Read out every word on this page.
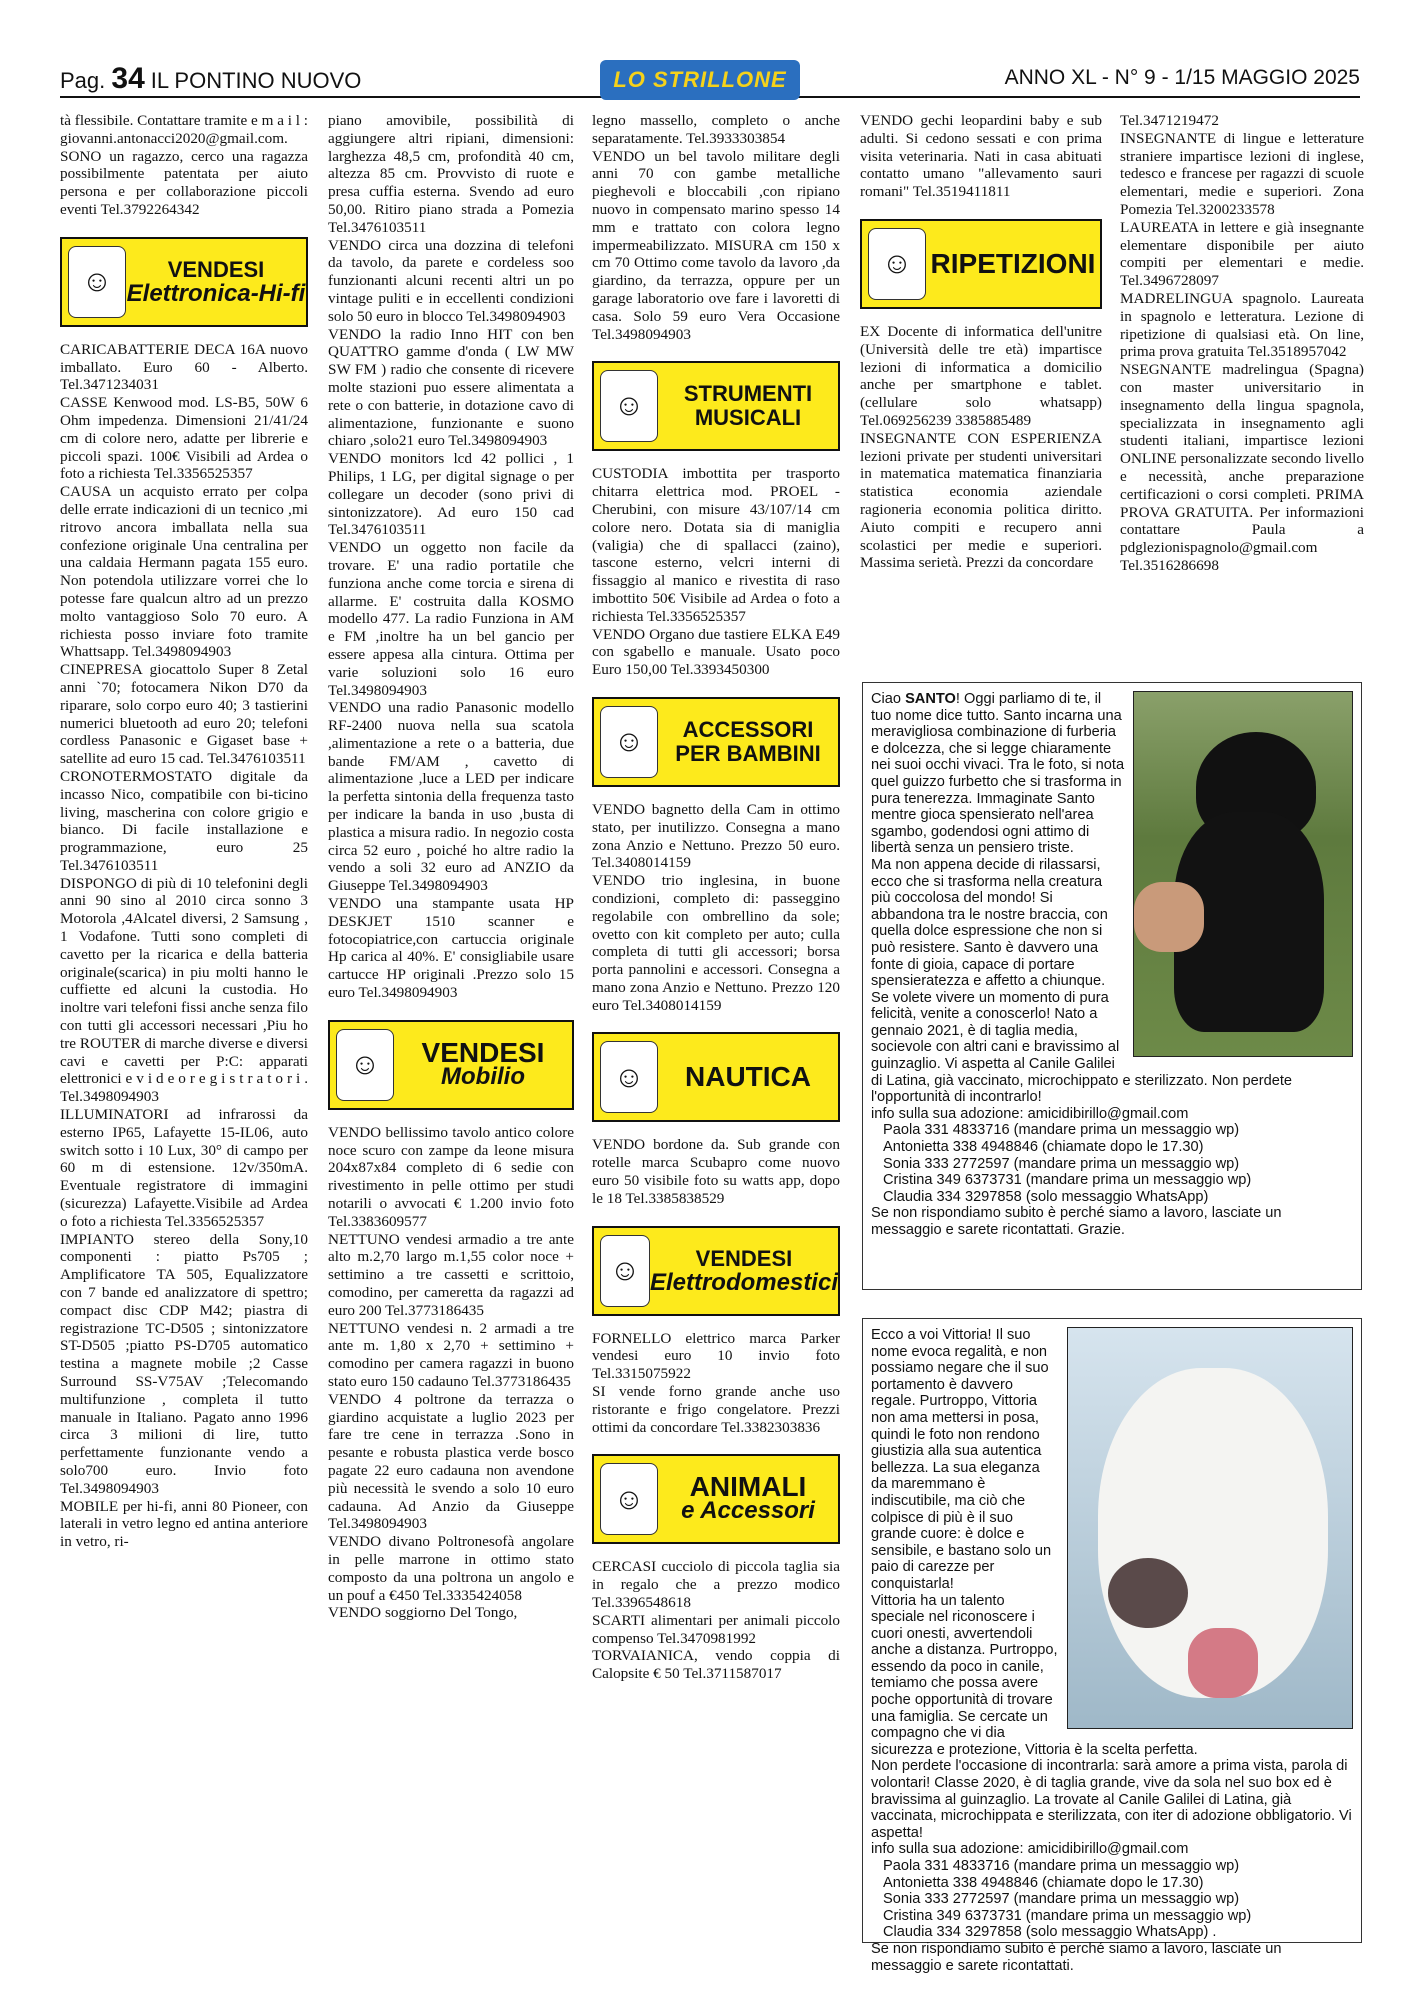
Pag. 34 IL PONTINO NUOVO	ANNO XL - N° 9 - 1/15 MAGGIO 2025
LO STRILLONE

tà flessibile. Contattare tramite e m a i l : giovanni.antonacci2020@gmail.com.

SONO un ragazzo, cerco una ragazza possibilmente patentata per aiuto persona e per collaborazione piccoli eventi Tel.3792264342

☺	VENDESI
Elettronica-Hi-fi

CARICABATTERIE DECA 16A nuovo imballato. Euro 60 - Alberto. Tel.3471234031

CASSE Kenwood mod. LS-B5, 50W 6 Ohm impedenza. Dimensioni 21/41/24 cm di colore nero, adatte per librerie e piccoli spazi. 100€ Visibili ad Ardea o foto a richiesta Tel.3356525357

CAUSA un acquisto errato per colpa delle errate indicazioni di un tecnico ,mi ritrovo ancora imballata nella sua confezione originale Una centralina per una caldaia Hermann pagata 155 euro. Non potendola utilizzare vorrei che lo potesse fare qualcun altro ad un prezzo molto vantaggioso Solo 70 euro. A richiesta posso inviare foto tramite Whattsapp. Tel.3498094903

CINEPRESA giocattolo Super 8 Zetal anni `70; fotocamera Nikon D70 da riparare, solo corpo euro 40; 3 tastierini numerici bluetooth ad euro 20; telefoni cordless Panasonic e Gigaset base + satellite ad euro 15 cad. Tel.3476103511

CRONOTERMOSTATO digitale da incasso Nico, compatibile con bi-ticino living, mascherina con colore grigio e bianco. Di facile installazione e programmazione, euro 25 Tel.3476103511

DISPONGO di più di 10 telefonini degli anni 90 sino al 2010 circa sonno 3 Motorola ,4Alcatel diversi, 2 Samsung , 1 Vodafone. Tutti sono completi di cavetto per la ricarica e della batteria originale(scarica) in piu molti hanno le cuffiette ed alcuni la custodia. Ho inoltre vari telefoni fissi anche senza filo con tutti gli accessori necessari ,Piu ho tre ROUTER di marche diverse e diversi cavi e cavetti per P:C: apparati elettronici e v i d e o r e g i s t r a t o r i . Tel.3498094903

ILLUMINATORI ad infrarossi da esterno IP65, Lafayette 15-IL06, auto switch sotto i 10 Lux, 30° di campo per 60 m di estensione. 12v/350mA. Eventuale registratore di immagini (sicurezza) Lafayette.Visibile ad Ardea o foto a richiesta Tel.3356525357

IMPIANTO stereo della Sony,10 componenti : piatto Ps705 ; Amplificatore TA 505, Equalizzatore con 7 bande ed analizzatore di spettro; compact disc CDP M42; piastra di registrazione TC-D505 ; sintonizzatore ST-D505 ;piatto PS-D705 automatico testina a magnete mobile ;2 Casse Surround SS-V75AV ;Telecomando multifunzione , completa il tutto manuale in Italiano. Pagato anno 1996 circa 3 milioni di lire, tutto perfettamente funzionante vendo a solo700 euro. Invio foto Tel.3498094903

MOBILE per hi-fi, anni 80 Pioneer, con laterali in vetro legno ed antina anteriore in vetro, ri-

piano amovibile, possibilità di aggiungere altri ripiani, dimensioni: larghezza 48,5 cm, profondità 40 cm, altezza 85 cm. Provvisto di ruote e presa cuffia esterna. Svendo ad euro 50,00. Ritiro piano strada a Pomezia Tel.3476103511

VENDO circa una dozzina di telefoni da tavolo, da parete e cordeless soo funzionanti alcuni recenti altri un po vintage puliti e in eccellenti condizioni solo 50 euro in blocco Tel.3498094903

VENDO la radio Inno HIT con ben QUATTRO gamme d'onda ( LW MW SW FM ) radio che consente di ricevere molte stazioni puo essere alimentata a rete o con batterie, in dotazione cavo di alimentazione, funzionante e suono chiaro ,solo21 euro Tel.3498094903

VENDO monitors lcd 42 pollici , 1 Philips, 1 LG, per digital signage o per collegare un decoder (sono privi di sintonizzatore). Ad euro 150 cad Tel.3476103511

VENDO un oggetto non facile da trovare. E' una radio portatile che funziona anche come torcia e sirena di allarme. E' costruita dalla KOSMO modello 477. La radio Funziona in AM e FM ,inoltre ha un bel gancio per essere appesa alla cintura. Ottima per varie soluzioni solo 16 euro Tel.3498094903

VENDO una radio Panasonic modello RF-2400 nuova nella sua scatola ,alimentazione a rete o a batteria, due bande FM/AM , cavetto di alimentazione ,luce a LED per indicare la perfetta sintonia della frequenza tasto per indicare la banda in uso ,busta di plastica a misura radio. In negozio costa circa 52 euro , poiché ho altre radio la vendo a soli 32 euro ad ANZIO da Giuseppe Tel.3498094903

VENDO una stampante usata HP DESKJET 1510 scanner e fotocopiatrice,con cartuccia originale Hp carica al 40%. E' consigliabile usare cartucce HP originali .Prezzo solo 15 euro Tel.3498094903

☺	VENDESI
Mobilio

VENDO bellissimo tavolo antico colore noce scuro con zampe da leone misura 204x87x84 completo di 6 sedie con rivestimento in pelle ottimo per studi notarili o avvocati € 1.200 invio foto Tel.3383609577

NETTUNO vendesi armadio a tre ante alto m.2,70 largo m.1,55 color noce + settimino a tre cassetti e scrittoio, comodino, per cameretta da ragazzi ad euro 200 Tel.3773186435

NETTUNO vendesi n. 2 armadi a tre ante m. 1,80 x 2,70 + settimino + comodino per camera ragazzi in buono stato euro 150 cadauno Tel.3773186435

VENDO 4 poltrone da terrazza o giardino acquistate a luglio 2023 per fare tre cene in terrazza .Sono in pesante e robusta plastica verde bosco pagate 22 euro cadauna non avendone più necessità le svendo a solo 10 euro cadauna. Ad Anzio da Giuseppe Tel.3498094903

VENDO divano Poltronesofà angolare in pelle marrone in ottimo stato composto da una poltrona un angolo e un pouf a €450 Tel.3335424058

VENDO soggiorno Del Tongo,

legno massello, completo o anche separatamente. Tel.3933303854

VENDO un bel tavolo militare degli anni 70 con gambe metalliche pieghevoli e bloccabili ,con ripiano nuovo in compensato marino spesso 14 mm e trattato con colora legno impermeabilizzato. MISURA cm 150 x cm 70 Ottimo come tavolo da lavoro ,da giardino, da terrazza, oppure per un garage laboratorio ove fare i lavoretti di casa. Solo 59 euro Vera Occasione Tel.3498094903

☺	STRUMENTI
MUSICALI

CUSTODIA imbottita per trasporto chitarra elettrica mod. PROEL - Cherubini, con misure 43/107/14 cm colore nero. Dotata sia di maniglia (valigia) che di spallacci (zaino), tascone esterno, velcri interni di fissaggio al manico e rivestita di raso imbottito 50€ Visibile ad Ardea o foto a richiesta Tel.3356525357

VENDO Organo due tastiere ELKA E49 con sgabello e manuale. Usato poco Euro 150,00 Tel.3393450300

☺	ACCESSORI
PER BAMBINI

VENDO bagnetto della Cam in ottimo stato, per inutilizzo. Consegna a mano zona Anzio e Nettuno. Prezzo 50 euro. Tel.3408014159

VENDO trio inglesina, in buone condizioni, completo di: passeggino regolabile con ombrellino da sole; ovetto con kit completo per auto; culla completa di tutti gli accessori; borsa porta pannolini e accessori. Consegna a mano zona Anzio e Nettuno. Prezzo 120 euro Tel.3408014159

☺	NAUTICA

VENDO bordone da. Sub grande con rotelle marca Scubapro come nuovo euro 50 visibile foto su watts app, dopo le 18 Tel.3385838529

☺	VENDESI
Elettrodomestici

FORNELLO elettrico marca Parker vendesi euro 10 invio foto Tel.3315075922

SI vende forno grande anche uso ristorante e frigo congelatore. Prezzi ottimi da concordare Tel.3382303836

☺	ANIMALI
e Accessori

CERCASI cucciolo di piccola taglia sia in regalo che a prezzo modico Tel.3396548618

SCARTI alimentari per animali piccolo compenso Tel.3470981992

TORVAIANICA, vendo coppia di Calopsite € 50 Tel.3711587017

VENDO gechi leopardini baby e sub adulti. Si cedono sessati e con prima visita veterinaria. Nati in casa abituati contatto umano "allevamento sauri romani" Tel.3519411811

☺ RIPETIZIONI

EX Docente di informatica dell'unitre (Università delle tre età) impartisce lezioni di informatica a domicilio anche per smartphone e tablet. (cellulare solo whatsapp) Tel.069256239 3385885489

INSEGNANTE CON ESPERIENZA lezioni private per studenti universitari in matematica matematica finanziaria statistica economia aziendale ragioneria economia politica diritto. Aiuto compiti e recupero anni scolastici per medie e superiori. Massima serietà. Prezzi da concordare

Tel.3471219472

INSEGNANTE di lingue e letterature straniere impartisce lezioni di inglese, tedesco e francese per ragazzi di scuole elementari, medie e superiori. Zona Pomezia Tel.3200233578

LAUREATA in lettere e già insegnante elementare disponibile per aiuto compiti per elementari e medie. Tel.3496728097

MADRELINGUA spagnolo. Laureata in spagnolo e letteratura. Lezione di ripetizione di qualsiasi età. On line, prima prova gratuita Tel.3518957042

NSEGNANTE madrelingua (Spagna) con master universitario in insegnamento della lingua spagnola, specializzata in insegnamento agli studenti italiani, impartisce lezioni ONLINE personalizzate secondo livello e necessità, anche preparazione certificazioni o corsi completi. PRIMA PROVA GRATUITA. Per informazioni contattare Paula a pdglezionispagnolo@gmail.com Tel.3516286698

Ciao SANTO! Oggi parliamo di te, il tuo nome dice tutto. Santo incarna una meravigliosa combinazione di furberia e dolcezza, che si legge chiaramente nei suoi occhi vivaci. Tra le foto, si nota quel guizzo furbetto che si trasforma in pura tenerezza. Immaginate Santo mentre gioca spensierato nell'area sgambo, godendosi ogni attimo di libertà senza un pensiero triste.

Ma non appena decide di rilassarsi, ecco che si trasforma nella creatura più coccolosa del mondo! Si abbandona tra le nostre braccia, con quella dolce espressione che non si può resistere. Santo è davvero una fonte di gioia, capace di portare spensieratezza e affetto a chiunque. Se volete vivere un momento di pura felicità, venite a conoscerlo! Nato a gennaio 2021, è di taglia media, socievole con altri cani e bravissimo al guinzaglio. Vi aspetta al Canile Galilei di Latina, già vaccinato, microchippato e sterilizzato. Non perdete l'opportunità di incontrarlo!

info sulla sua adozione: amicidibirillo@gmail.com

Paola 331 4833716 (mandare prima un messaggio wp)

Antonietta 338 4948846 (chiamate dopo le 17.30)

Sonia 333 2772597 (mandare prima un messaggio wp)

Cristina 349 6373731 (mandare prima un messaggio wp)

Claudia 334 3297858 (solo messaggio WhatsApp)

Se non rispondiamo subito è perché siamo a lavoro, lasciate un messaggio e sarete ricontattati. Grazie.

Ecco a voi Vittoria! Il suo nome evoca regalità, e non possiamo negare che il suo portamento è davvero regale. Purtroppo, Vittoria non ama mettersi in posa, quindi le foto non rendono giustizia alla sua autentica bellezza. La sua eleganza da maremmano è indiscutibile, ma ciò che colpisce di più è il suo grande cuore: è dolce e sensibile, e bastano solo un paio di carezze per conquistarla!

Vittoria ha un talento speciale nel riconoscere i cuori onesti, avvertendoli anche a distanza. Purtroppo, essendo da poco in canile, temiamo che possa avere poche opportunità di trovare una famiglia. Se cercate un compagno che vi dia sicurezza e protezione, Vittoria è la scelta perfetta.

Non perdete l'occasione di incontrarla: sarà amore a prima vista, parola di volontari! Classe 2020, è di taglia grande, vive da sola nel suo box ed è bravissima al guinzaglio. La trovate al Canile Galilei di Latina, già vaccinata, microchippata e sterilizzata, con iter di adozione obbligatorio. Vi aspetta!

info sulla sua adozione: amicidibirillo@gmail.com

Paola 331 4833716 (mandare prima un messaggio wp)

Antonietta 338 4948846 (chiamate dopo le 17.30)

Sonia 333 2772597 (mandare prima un messaggio wp)

Cristina 349 6373731 (mandare prima un messaggio wp)

Claudia 334 3297858 (solo messaggio WhatsApp) .

Se non rispondiamo subito è perché siamo a lavoro, lasciate un messaggio e sarete ricontattati.
